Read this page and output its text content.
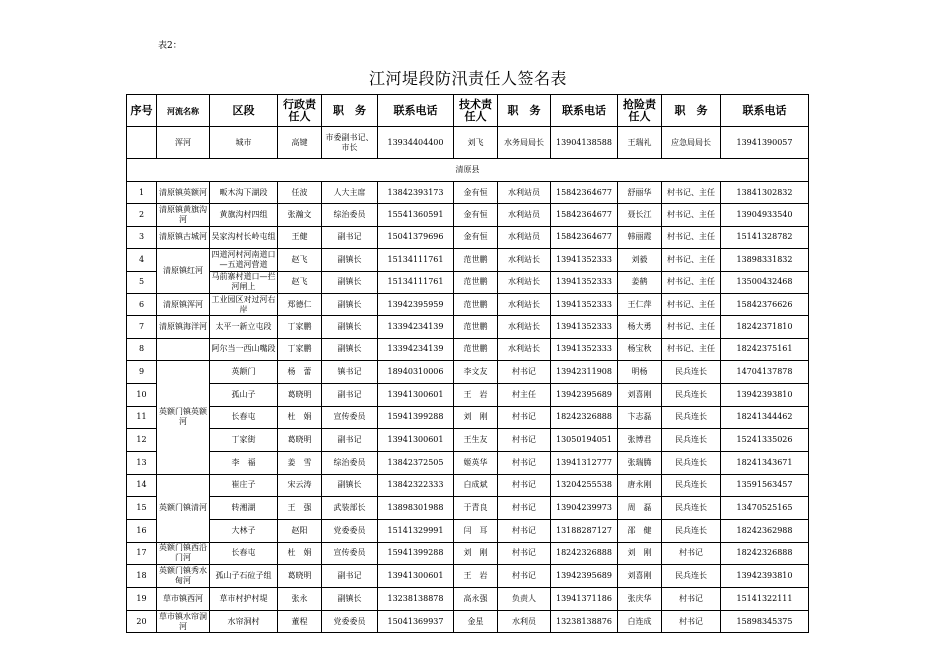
表2：
江河堤段防汛责任人签名表
序号	河流名称	区段	行政责任人	职　务	联系电话	技术责任人	职　务	联系电话	抢险责任人	职　务	联系电话
	浑河	城市	高键	市委副书记、市长	13934404400	刘飞	水务局局长	13904138588	王瑞礼	应急局局长	13941390057
清原县											
1	清原镇英额河	畈木沟下湖段	任波	人大主席	13842393173	金有恒	水利站员	15842364677	舒丽华	村书记、主任	13841302832
2	清原镇黄旗沟河	黄旗沟村四组	张瀚文	综治委员	15541360591	金有恒	水利站员	15842364677	聂长江	村书记、主任	13904933540
3	清原镇古城河	吴家沟村长岭屯组	王健	副书记	15041379696	金有恒	水利站员	15842364677	韩丽霞	村书记、主任	15141328782
4	清原镇红河	四道河村河南道口—五道河营道	赵飞	副镇长	15134111761	范世鹏	水利站长	13941352333	刘毅	村书记、主任	13898331832
5		马前寨村道口—拦河闸上	赵飞	副镇长	15134111761	范世鹏	水利站长	13941352333	姜鹤	村书记、主任	13500432468
6	清原镇浑河	工业园区对过河右岸	郑德仁	副镇长	13942395959	范世鹏	水利站长	13941352333	王仁萍	村书记、主任	15842376626
7	清原镇海洋河	太平一新立屯段	丁家鹏	副镇长	13394234139	范世鹏	水利站长	13941352333	杨大勇	村书记、主任	18242371810
8		阿尔当一西山嘴段	丁家鹏	副镇长	13394234139	范世鹏	水利站长	13941352333	杨宝秋	村书记、主任	18242375161
9	英额门镇英额河	英额门	杨　蕾	镇书记	18940310006	李文友	村书记	13942311908	明杨	民兵连长	14704137878
10		孤山子	葛晓明	副书记	13941300601	王　岩	村主任	13942395689	刘喜刚	民兵连长	13942393810
11		长春屯	杜　娟	宣传委员	15941399288	刘　刚	村书记	18242326888	卞志磊	民兵连长	18241344462
12		丁家街	葛晓明	副书记	13941300601	王生友	村书记	13050194051	张博君	民兵连长	15241335026
13		李　福	姜　雪	综治委员	13842372505	姬英华	村书记	13941312777	张瑞腾	民兵连长	18241343671
14	英额门镇清河	崔庄子	宋云涛	副镇长	13842322333	白成斌	村书记	13204255538	唐永刚	民兵连长	13591563457
15		转湘湖	王　强	武装部长	13898301988	于青良	村书记	13904239973	周　磊	民兵连长	13470525165
16		大林子	赵阳	党委委员	15141329991	闫　耳	村书记	13188287127	邵　健	民兵连长	18242362988
17	英额门镇西沿门河	长春屯	杜　娟	宣传委员	15941399288	刘　刚	村书记	18242326888	刘　刚	村书记	18242326888
18	英额门镇秀水甸河	孤山子石砬子组	葛晓明	副书记	13941300601	王　岩	村书记	13942395689	刘喜刚	民兵连长	13942393810
19	草市镇西河	草市村护村堤	张永	副镇长	13238138878	高永强	负责人	13941371186	张庆华	村书记	15141322111
20	草市镇水帘洞河	水帘洞村	董程	党委委员	15041369937	金星	水利员	13238138876	白连成	村书记	15898345375
